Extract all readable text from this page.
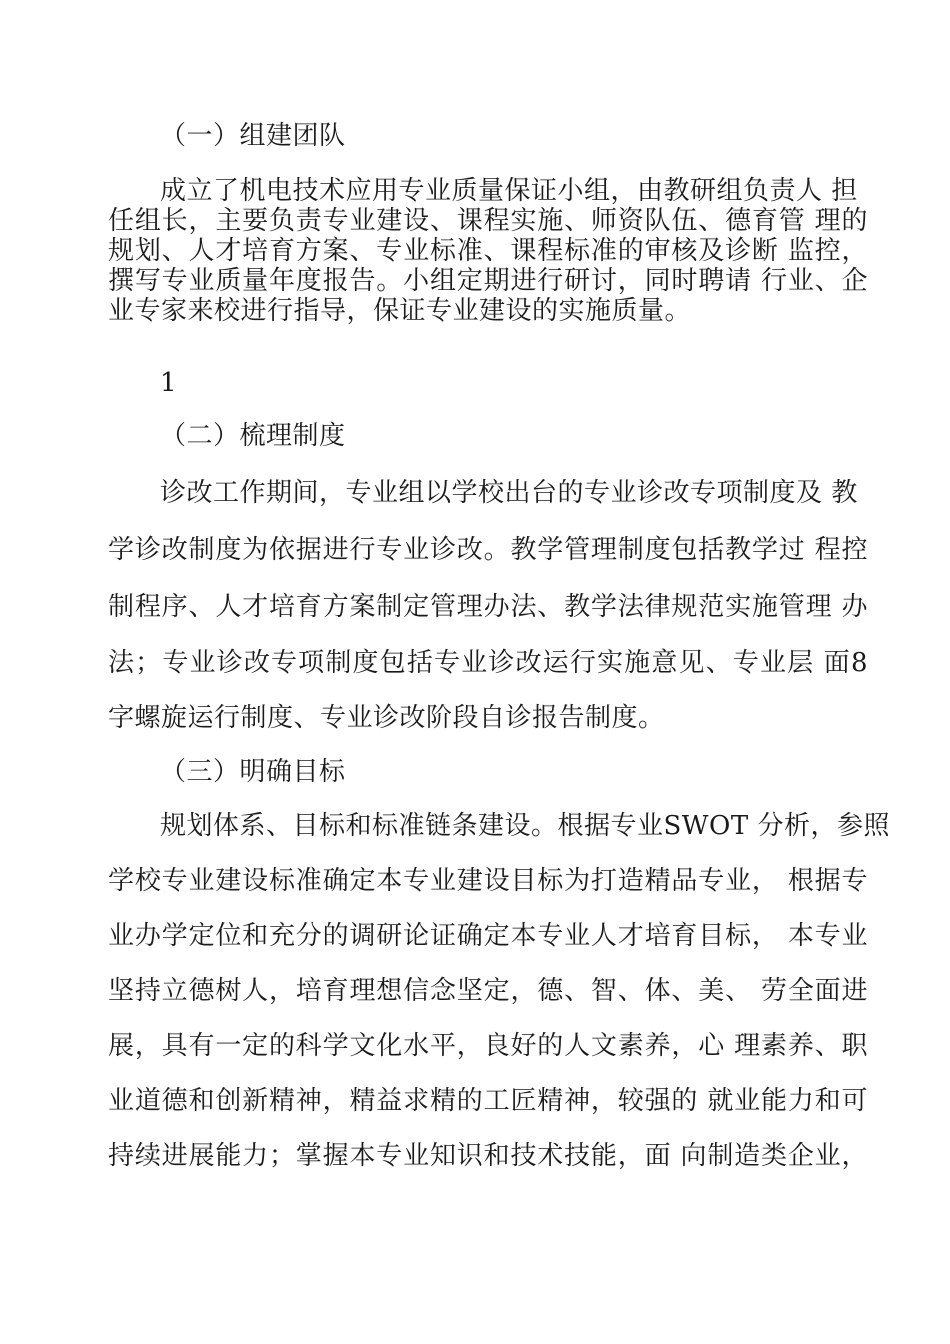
（一）组建团队
成立了机电技术应用专业质量保证小组，由教研组负责人 担
任组长，主要负责专业建设、课程实施、师资队伍、德育管 理的
规划、人才培育方案、专业标准、课程标准的审核及诊断 监控，
撰写专业质量年度报告。小组定期进行研讨，同时聘请 行业、企
业专家来校进行指导，保证专业建设的实施质量。
1
（二）梳理制度
诊改工作期间，专业组以学校出台的专业诊改专项制度及 教
学诊改制度为依据进行专业诊改。教学管理制度包括教学过 程控
制程序、人才培育方案制定管理办法、教学法律规范实施管理 办
法；专业诊改专项制度包括专业诊改运行实施意见、专业层 面8
字螺旋运行制度、专业诊改阶段自诊报告制度。
（三）明确目标
规划体系、目标和标准链条建设。根据专业SWOT 分析，参照
学校专业建设标准确定本专业建设目标为打造精品专业， 根据专
业办学定位和充分的调研论证确定本专业人才培育目标， 本专业
坚持立德树人，培育理想信念坚定，德、智、体、美、 劳全面进
展，具有一定的科学文化水平，良好的人文素养，心 理素养、职
业道德和创新精神，精益求精的工匠精神，较强的 就业能力和可
持续进展能力；掌握本专业知识和技术技能，面 向制造类企业，
